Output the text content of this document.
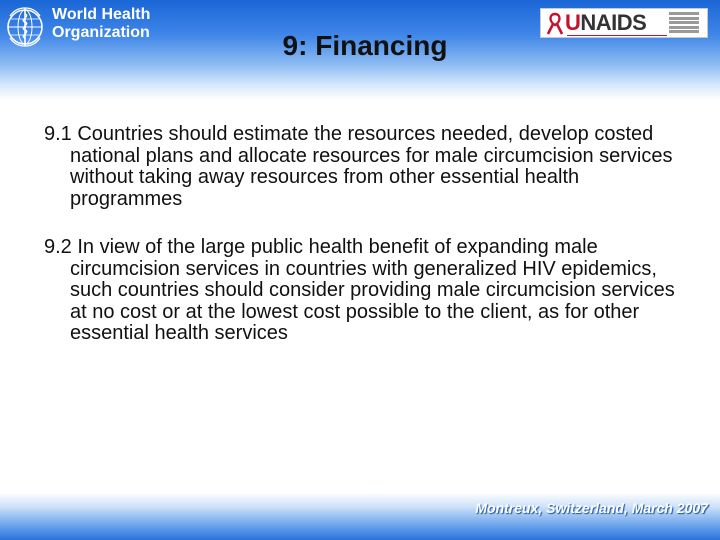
World Health
Organization	UNAIDS
9: Financing

9.1 Countries should estimate the resources needed, develop costed national plans and allocate resources for male circumcision services without taking away resources from other essential health programmes

9.2 In view of the large public health benefit of expanding male circumcision services in countries with generalized HIV epidemics, such countries should consider providing male circumcision services at no cost or at the lowest cost possible to the client, as for other essential health services

Montreux, Switzerland, March 2007
